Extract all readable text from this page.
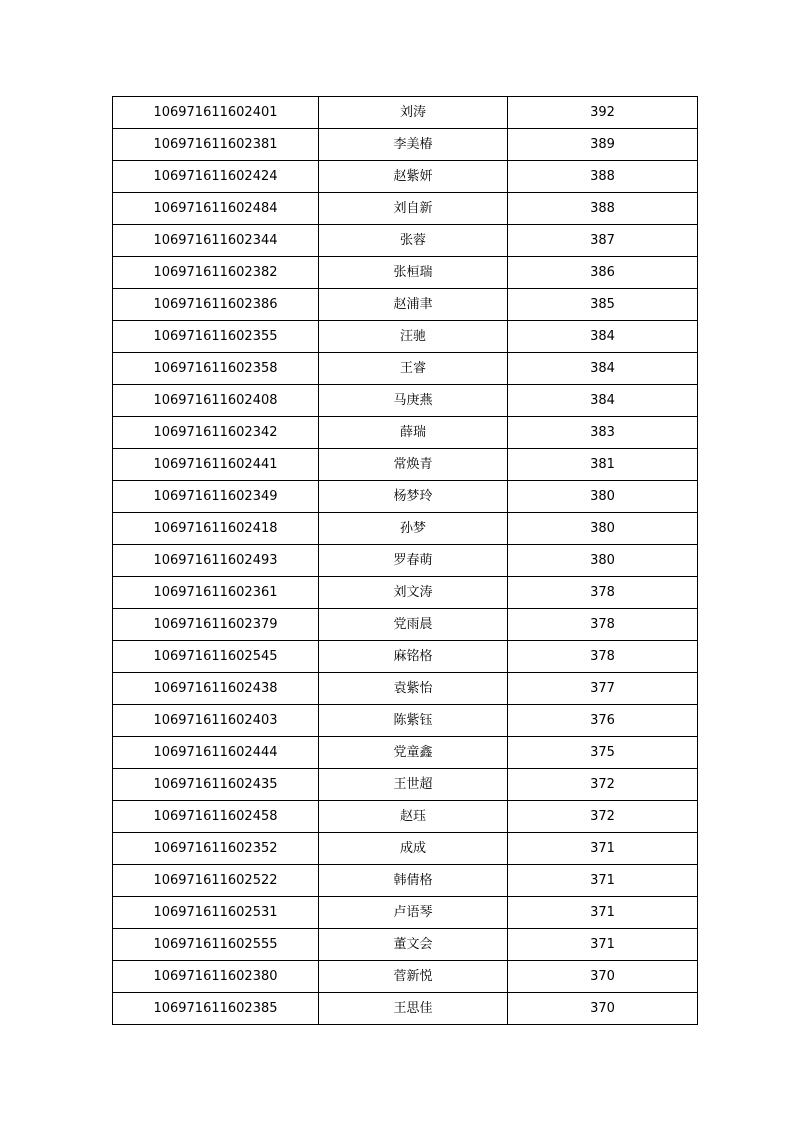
106971611602401	刘涛	392
106971611602381	李美椿	389
106971611602424	赵紫妍	388
106971611602484	刘自新	388
106971611602344	张蓉	387
106971611602382	张桓瑞	386
106971611602386	赵浦聿	385
106971611602355	汪驰	384
106971611602358	王睿	384
106971611602408	马庚燕	384
106971611602342	薛瑞	383
106971611602441	常焕青	381
106971611602349	杨梦玲	380
106971611602418	孙梦	380
106971611602493	罗春萌	380
106971611602361	刘文涛	378
106971611602379	党雨晨	378
106971611602545	麻铭格	378
106971611602438	袁紫怡	377
106971611602403	陈紫钰	376
106971611602444	党童鑫	375
106971611602435	王世超	372
106971611602458	赵珏	372
106971611602352	成成	371
106971611602522	韩倩格	371
106971611602531	卢语琴	371
106971611602555	董文会	371
106971611602380	菅新悦	370
106971611602385	王思佳	370
